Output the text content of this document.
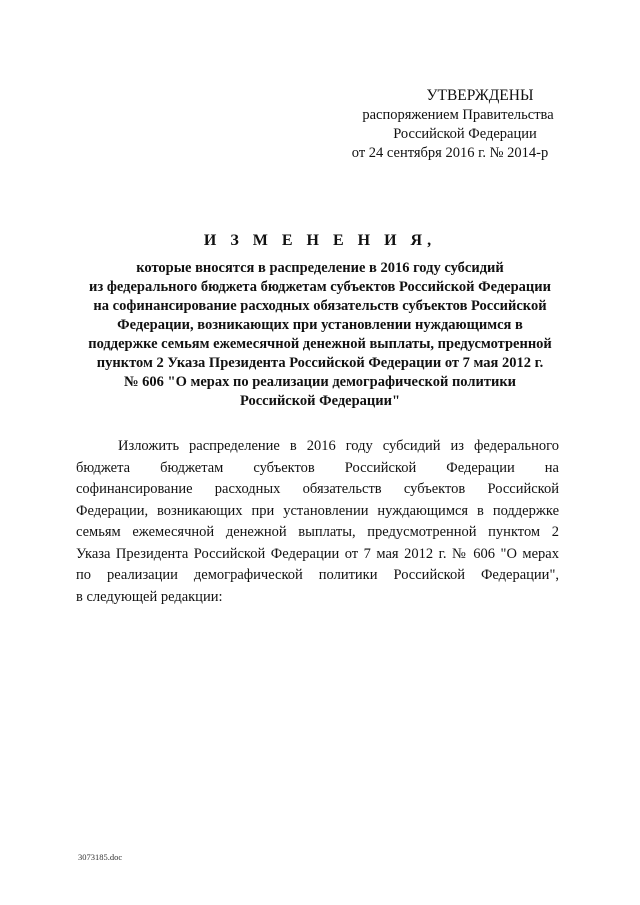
УТВЕРЖДЕНЫ
распоряжением Правительства
Российской Федерации
от 24 сентября 2016 г. № 2014-р
И З М Е Н Е Н И Я,
которые вносятся в распределение в 2016 году субсидий
из федерального бюджета бюджетам субъектов Российской Федерации
на софинансирование расходных обязательств субъектов Российской
Федерации, возникающих при установлении нуждающимся в
поддержке семьям ежемесячной денежной выплаты, предусмотренной
пунктом 2 Указа Президента Российской Федерации от 7 мая 2012 г.
№ 606 "О мерах по реализации демографической политики
Российской Федерации"
Изложить распределение в 2016 году субсидий из федерального
бюджета бюджетам субъектов Российской Федерации на
софинансирование расходных обязательств субъектов Российской
Федерации, возникающих при установлении нуждающимся в поддержке
семьям ежемесячной денежной выплаты, предусмотренной пунктом 2
Указа Президента Российской Федерации от 7 мая 2012 г. № 606 "О мерах
по реализации демографической политики Российской Федерации",
в следующей редакции:
3073185.doc
